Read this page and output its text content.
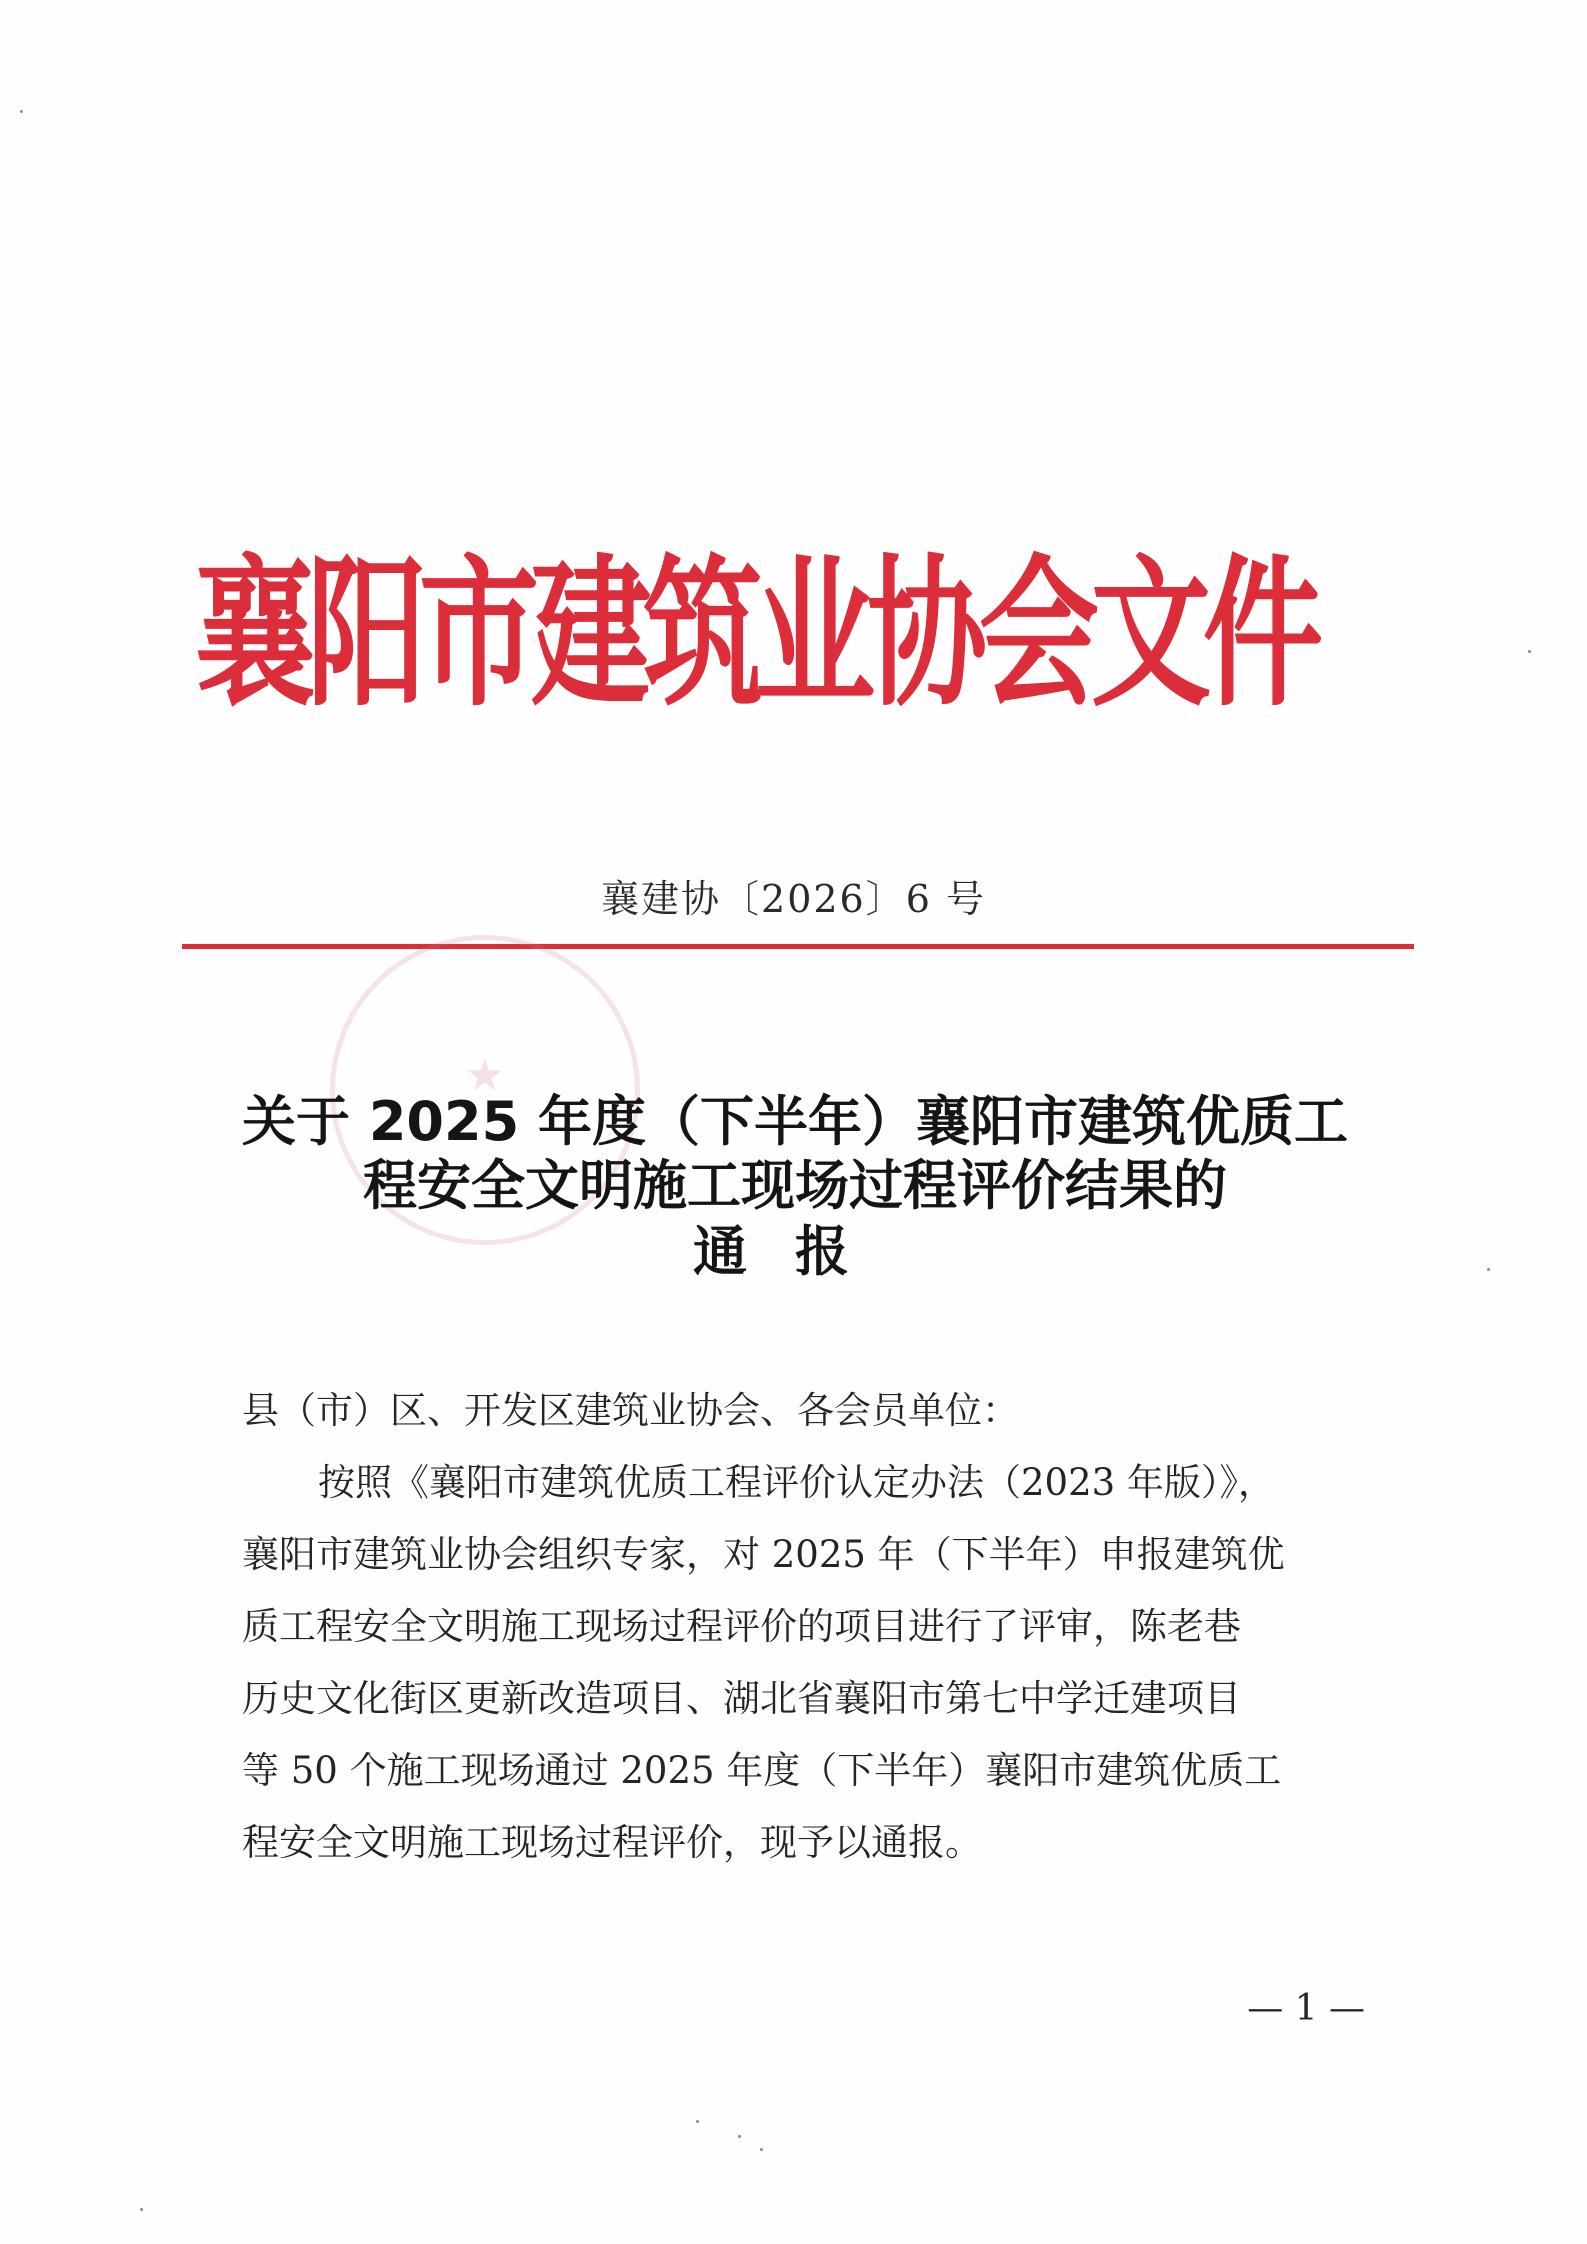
襄阳市建筑业协会文件
襄建协〔2026〕6 号
★
关于 2025 年度（下半年）襄阳市建筑优质工
程安全文明施工现场过程评价结果的
通报

县（市）区、开发区建筑业协会、各会员单位：

按照《襄阳市建筑优质工程评价认定办法（2023 年版）》，

襄阳市建筑业协会组织专家，对 2025 年（下半年）申报建筑优

质工程安全文明施工现场过程评价的项目进行了评审，陈老巷

历史文化街区更新改造项目、湖北省襄阳市第七中学迁建项目

等 50 个施工现场通过 2025 年度（下半年）襄阳市建筑优质工

程安全文明施工现场过程评价，现予以通报。

— 1 —
